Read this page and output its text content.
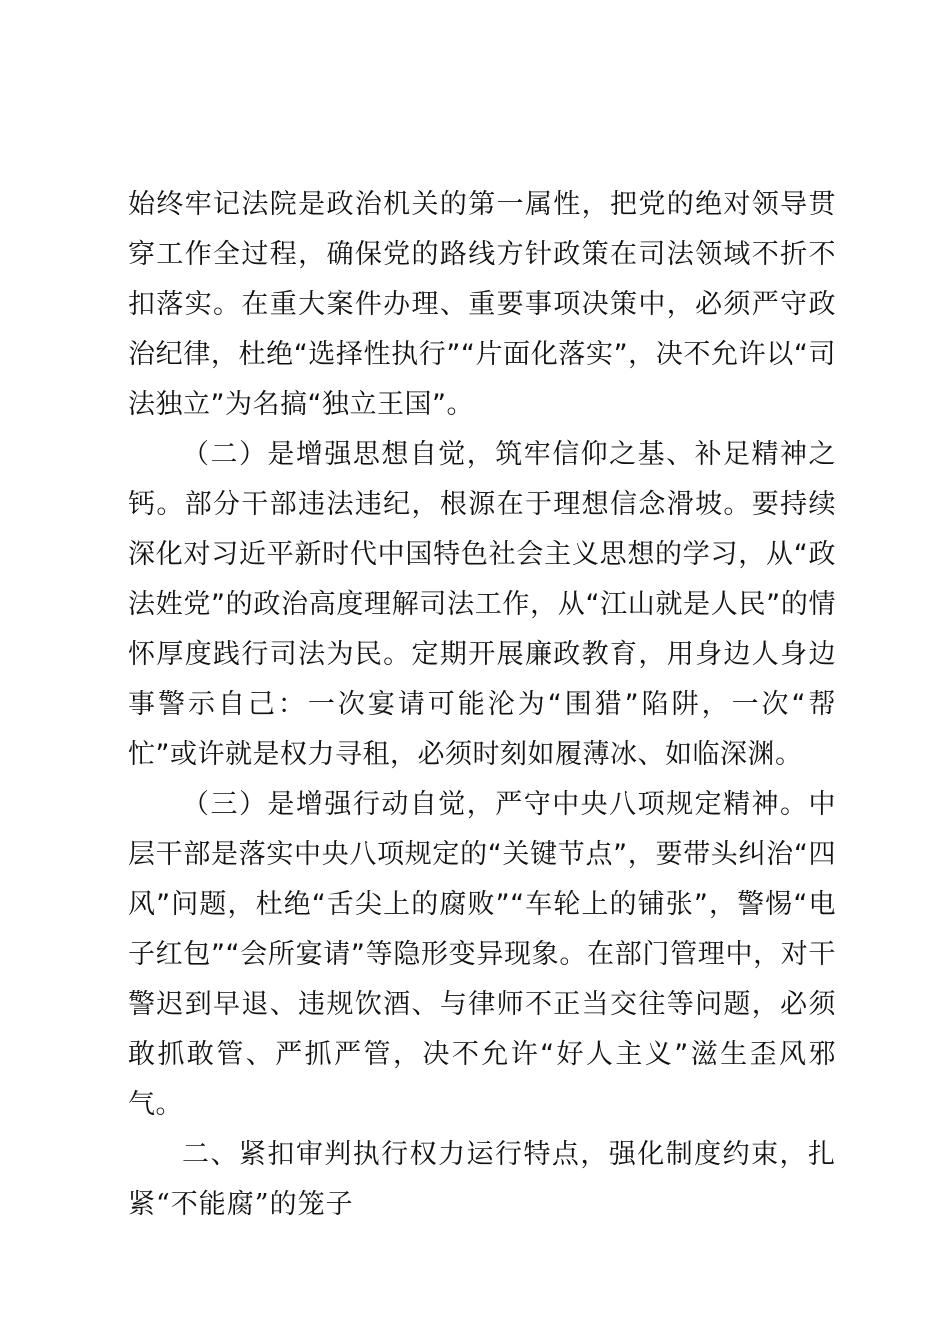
始终牢记法院是政治机关的第一属性，把党的绝对领导贯穿工作全过程，确保党的路线方针政策在司法领域不折不扣落实。在重大案件办理、重要事项决策中，必须严守政治纪律，杜绝“选择性执行”“片面化落实”，决不允许以“司法独立”为名搞“独立王国”。

（二）是增强思想自觉，筑牢信仰之基、补足精神之钙。部分干部违法违纪，根源在于理想信念滑坡。要持续深化对习近平新时代中国特色社会主义思想的学习，从“政法姓党”的政治高度理解司法工作，从“江山就是人民”的情怀厚度践行司法为民。定期开展廉政教育，用身边人身边事警示自己：一次宴请可能沦为“围猎”陷阱，一次“帮忙”或许就是权力寻租，必须时刻如履薄冰、如临深渊。

（三）是增强行动自觉，严守中央八项规定精神。中层干部是落实中央八项规定的“关键节点”，要带头纠治“四风”问题，杜绝“舌尖上的腐败”“车轮上的铺张”，警惕“电子红包”“会所宴请”等隐形变异现象。在部门管理中，对干警迟到早退、违规饮酒、与律师不正当交往等问题，必须敢抓敢管、严抓严管，决不允许“好人主义”滋生歪风邪气。

二、紧扣审判执行权力运行特点，强化制度约束，扎紧“不能腐”的笼子
